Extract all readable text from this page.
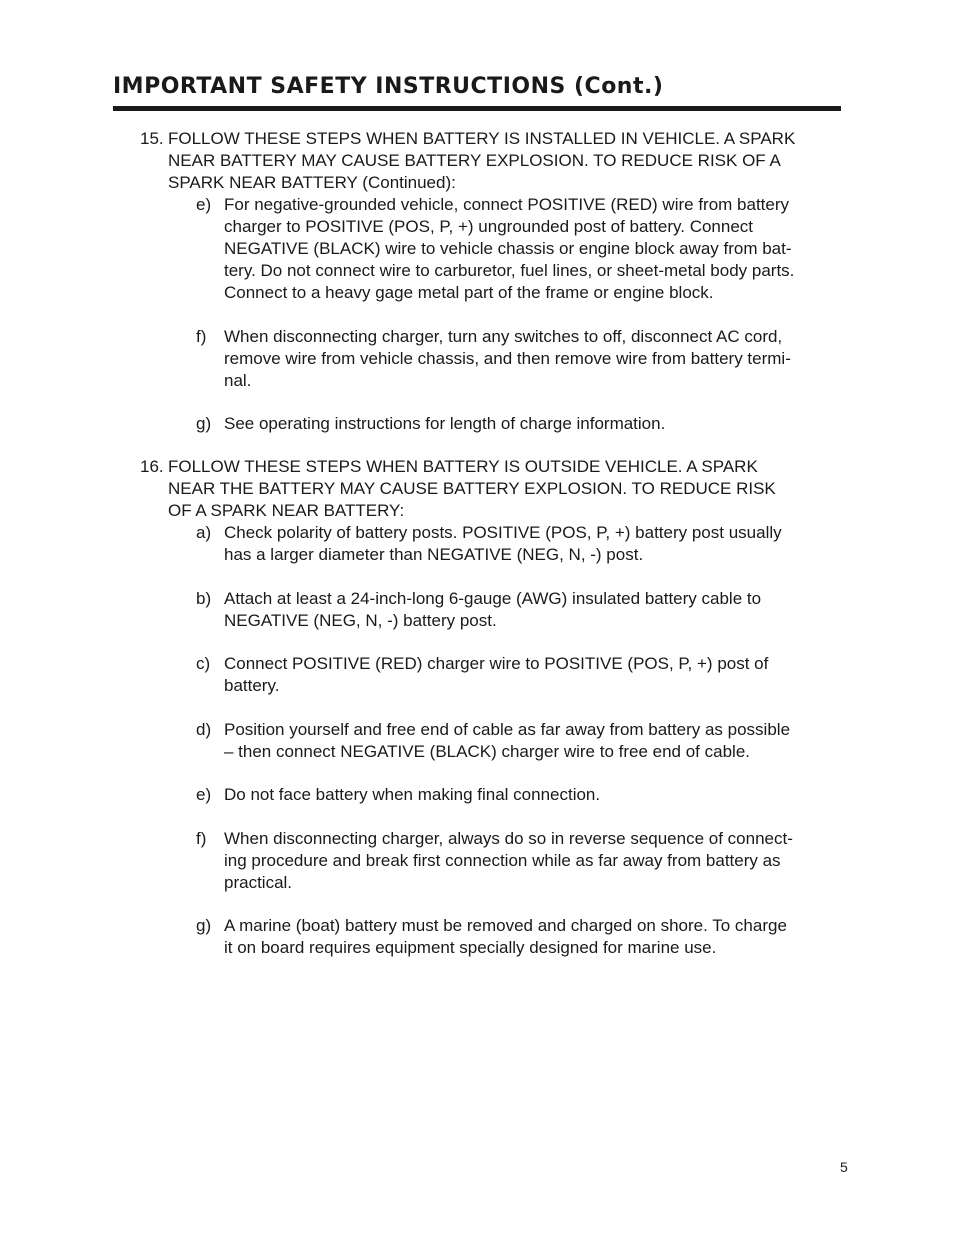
IMPORTANT SAFETY INSTRUCTIONS (Cont.)
15. FOLLOW THESE STEPS WHEN BATTERY IS INSTALLED IN VEHICLE. A SPARK
NEAR BATTERY MAY CAUSE BATTERY EXPLOSION. TO REDUCE RISK OF A
SPARK NEAR BATTERY (Continued):
e) For negative-grounded vehicle, connect POSITIVE (RED) wire from battery
charger to POSITIVE (POS, P, +) ungrounded post of battery. Connect
NEGATIVE (BLACK) wire to vehicle chassis or engine block away from bat-
tery. Do not connect wire to carburetor, fuel lines, or sheet-metal body parts.
Connect to a heavy gage metal part of the frame or engine block.
f) When disconnecting charger, turn any switches to off, disconnect AC cord,
remove wire from vehicle chassis, and then remove wire from battery termi-
nal.
g) See operating instructions for length of charge information.
16. FOLLOW THESE STEPS WHEN BATTERY IS OUTSIDE VEHICLE. A SPARK
NEAR THE BATTERY MAY CAUSE BATTERY EXPLOSION. TO REDUCE RISK
OF A SPARK NEAR BATTERY:
a) Check polarity of battery posts. POSITIVE (POS, P, +) battery post usually
has a larger diameter than NEGATIVE (NEG, N, -) post.
b) Attach at least a 24-inch-long 6-gauge (AWG) insulated battery cable to
NEGATIVE (NEG, N, -) battery post.
c) Connect POSITIVE (RED) charger wire to POSITIVE (POS, P, +) post of
battery.
d) Position yourself and free end of cable as far away from battery as possible
– then connect NEGATIVE (BLACK) charger wire to free end of cable.
e) Do not face battery when making final connection.
f) When disconnecting charger, always do so in reverse sequence of connect-
ing procedure and break first connection while as far away from battery as
practical.
g) A marine (boat) battery must be removed and charged on shore. To charge
it on board requires equipment specially designed for marine use.
5
